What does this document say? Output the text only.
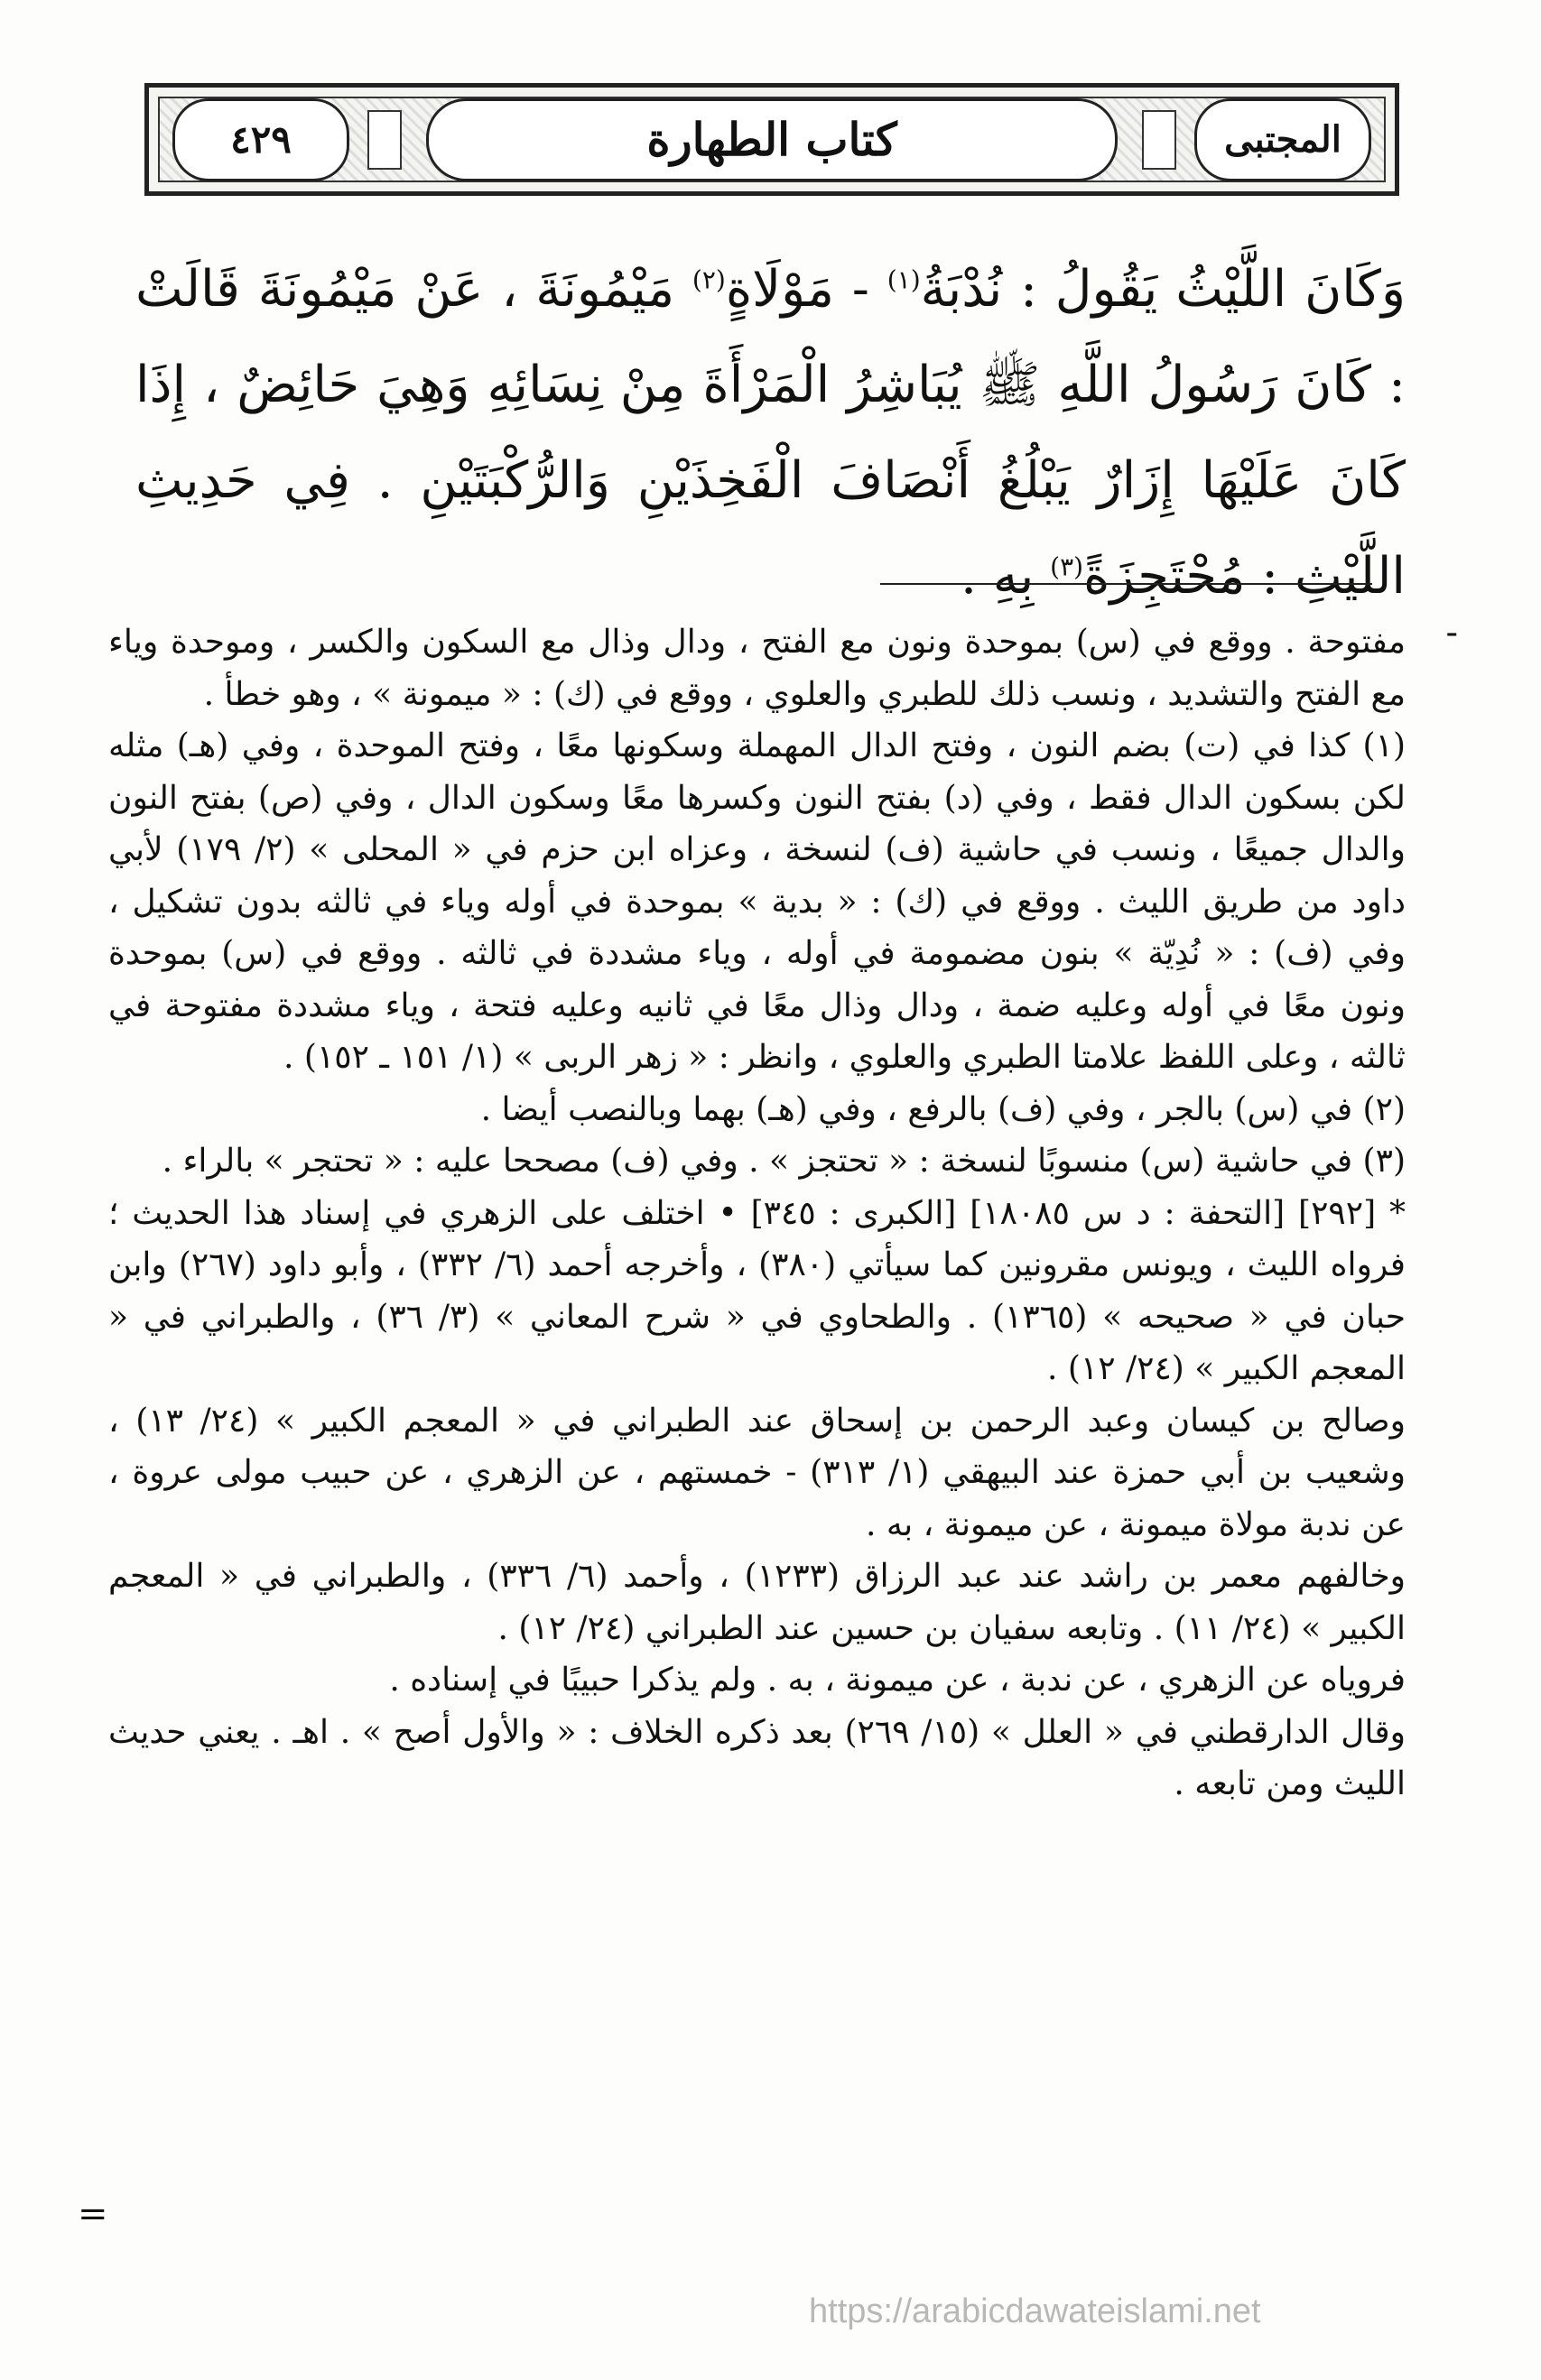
المجتبى
كتاب الطهارة
٤٢٩

وَكَانَ اللَّيْثُ يَقُولُ : نُدْبَةُ$^{(١)}$ - مَوْلَاةٍ$^{(٢)}$ مَيْمُونَةَ ، عَنْ مَيْمُونَةَ قَالَتْ : كَانَ رَسُولُ اللَّهِ ﷺ يُبَاشِرُ الْمَرْأَةَ مِنْ نِسَائِهِ وَهِيَ حَائِضٌ ، إِذَا كَانَ عَلَيْهَا إِزَارٌ يَبْلُغُ أَنْصَافَ الْفَخِذَيْنِ وَالرُّكْبَتَيْنِ . فِي حَدِيثِ اللَّيْثِ : مُحْتَجِزَةً$^{(٣)}$ بِهِ .

-

مفتوحة . ووقع في (س) بموحدة ونون مع الفتح ، ودال وذال مع السكون والكسر ، وموحدة وياء مع الفتح والتشديد ، ونسب ذلك للطبري والعلوي ، ووقع في (ك) : « ميمونة » ، وهو خطأ .

(١) كذا في (ت) بضم النون ، وفتح الدال المهملة وسكونها معًا ، وفتح الموحدة ، وفي (هـ) مثله لكن بسكون الدال فقط ، وفي (د) بفتح النون وكسرها معًا وسكون الدال ، وفي (ص) بفتح النون والدال جميعًا ، ونسب في حاشية (ف) لنسخة ، وعزاه ابن حزم في « المحلى » (٢/ ١٧٩) لأبي داود من طريق الليث . ووقع في (ك) : « بدية » بموحدة في أوله وياء في ثالثه بدون تشكيل ، وفي (ف) : « نُدِيّة » بنون مضمومة في أوله ، وياء مشددة في ثالثه . ووقع في (س) بموحدة ونون معًا في أوله وعليه ضمة ، ودال وذال معًا في ثانيه وعليه فتحة ، وياء مشددة مفتوحة في ثالثه ، وعلى اللفظ علامتا الطبري والعلوي ، وانظر : « زهر الربى » (١/ ١٥١ ـ ١٥٢) .

(٢) في (س) بالجر ، وفي (ف) بالرفع ، وفي (هـ) بهما وبالنصب أيضا .

(٣) في حاشية (س) منسوبًا لنسخة : « تحتجز » . وفي (ف) مصححا عليه : « تحتجر » بالراء .

* [٢٩٢] [التحفة : د س ١٨٠٨٥] [الكبرى : ٣٤٥] • اختلف على الزهري في إسناد هذا الحديث ؛ فرواه الليث ، ويونس مقرونين كما سيأتي (٣٨٠) ، وأخرجه أحمد (٦/ ٣٣٢) ، وأبو داود (٢٦٧) وابن حبان في « صحيحه » (١٣٦٥) . والطحاوي في « شرح المعاني » (٣/ ٣٦) ، والطبراني في « المعجم الكبير » (٢٤/ ١٢) .

وصالح بن كيسان وعبد الرحمن بن إسحاق عند الطبراني في « المعجم الكبير » (٢٤/ ١٣) ، وشعيب بن أبي حمزة عند البيهقي (١/ ٣١٣) - خمستهم ، عن الزهري ، عن حبيب مولى عروة ، عن ندبة مولاة ميمونة ، عن ميمونة ، به .

وخالفهم معمر بن راشد عند عبد الرزاق (١٢٣٣) ، وأحمد (٦/ ٣٣٦) ، والطبراني في « المعجم الكبير » (٢٤/ ١١) . وتابعه سفيان بن حسين عند الطبراني (٢٤/ ١٢) .

فروياه عن الزهري ، عن ندبة ، عن ميمونة ، به . ولم يذكرا حبيبًا في إسناده .

وقال الدارقطني في « العلل » (١٥/ ٢٦٩) بعد ذكره الخلاف : « والأول أصح » . اهـ . يعني حديث الليث ومن تابعه .

=
https://arabicdawateislami.net
